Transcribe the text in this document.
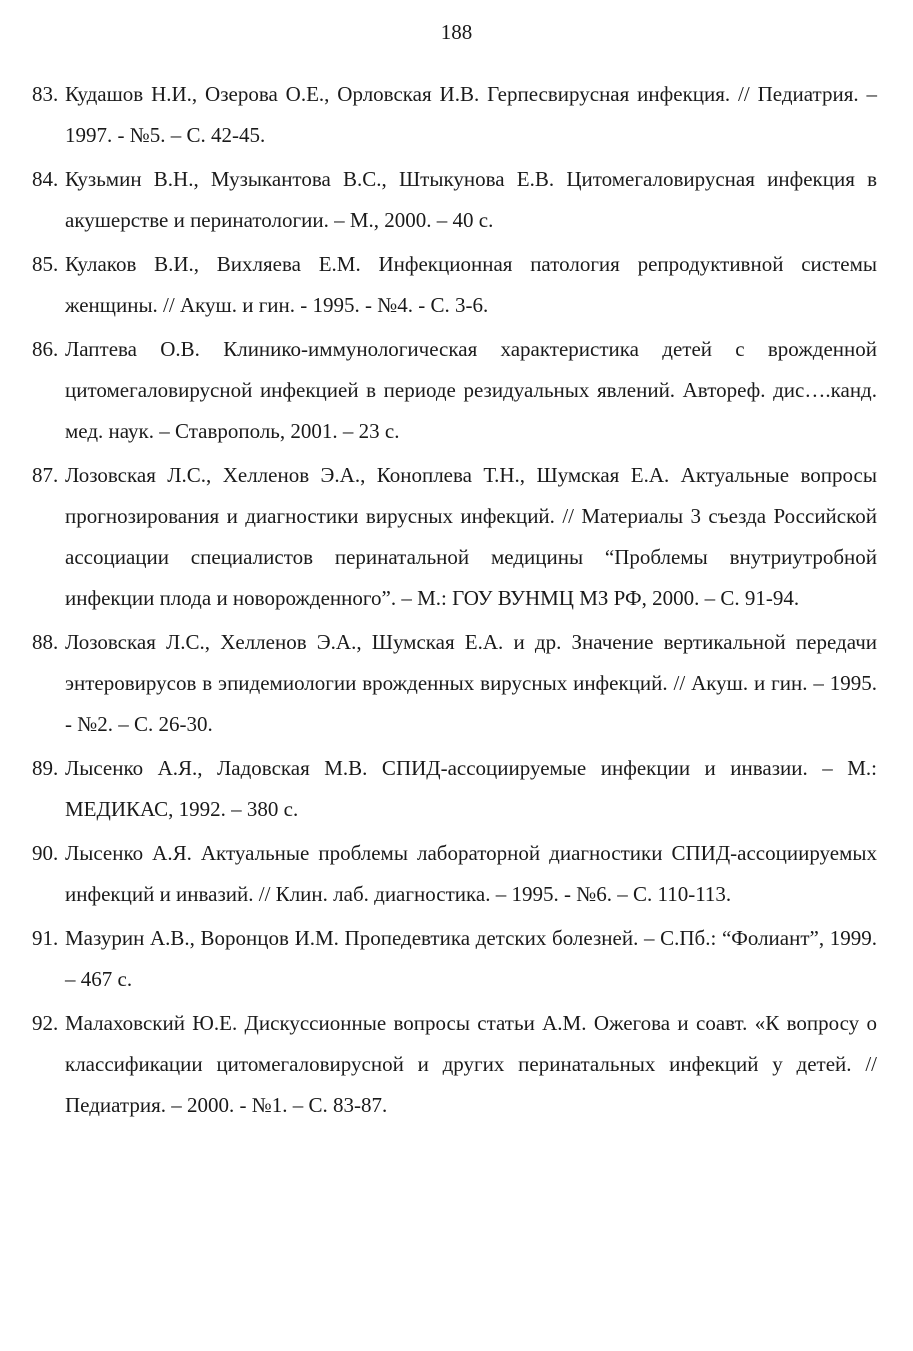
188
83. Кудашов Н.И., Озерова О.Е., Орловская И.В. Герпесвирусная инфекция. // Педиатрия. – 1997. - №5. – С. 42-45.
84. Кузьмин В.Н., Музыкантова В.С., Штыкунова Е.В. Цитомегаловирусная инфекция в акушерстве и перинатологии. – М., 2000. – 40 с.
85. Кулаков В.И., Вихляева Е.М. Инфекционная патология репродуктивной системы женщины. // Акуш. и гин. - 1995. - №4. - С. 3-6.
86. Лаптева О.В. Клинико-иммунологическая характеристика детей с врожденной цитомегаловирусной инфекцией в периоде резидуальных явлений. Автореф. дис….канд. мед. наук. – Ставрополь, 2001. – 23 с.
87. Лозовская Л.С., Хелленов Э.А., Коноплева Т.Н., Шумская Е.А. Актуальные вопросы прогнозирования и диагностики вирусных инфекций. // Материалы 3 съезда Российской ассоциации специалистов перинатальной медицины “Проблемы внутриутробной инфекции плода и новорожденного”. – М.: ГОУ ВУНМЦ МЗ РФ, 2000. – С. 91-94.
88. Лозовская Л.С., Хелленов Э.А., Шумская Е.А. и др. Значение вертикальной передачи энтеровирусов в эпидемиологии врожденных вирусных инфекций. // Акуш. и гин. – 1995. - №2. – С. 26-30.
89. Лысенко А.Я., Ладовская М.В. СПИД-ассоциируемые инфекции и инвазии. – М.: МЕДИКАС, 1992. – 380 с.
90. Лысенко А.Я. Актуальные проблемы лабораторной диагностики СПИД-ассоциируемых инфекций и инвазий. // Клин. лаб. диагностика. – 1995. - №6. – С. 110-113.
91. Мазурин А.В., Воронцов И.М. Пропедевтика детских болезней. – С.Пб.: “Фолиант”, 1999. – 467 с.
92. Малаховский Ю.Е. Дискуссионные вопросы статьи А.М. Ожегова и соавт. «К вопросу о классификации цитомегаловирусной и других перинатальных инфекций у детей. // Педиатрия. – 2000. - №1. – С. 83-87.
